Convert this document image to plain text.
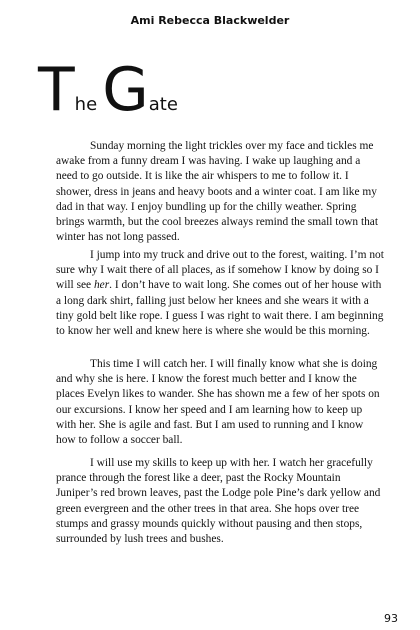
Ami Rebecca Blackwelder
The Gate

Sunday morning the light trickles over my face and tickles me awake from a funny dream I was having. I wake up laughing and a need to go outside. It is like the air whispers to me to follow it. I shower, dress in jeans and heavy boots and a winter coat. I am like my dad in that way. I enjoy bundling up for the chilly weather. Spring brings warmth, but the cool breezes always remind the small town that winter has not long passed.

I jump into my truck and drive out to the forest, waiting. I’m not sure why I wait there of all places, as if somehow I know by doing so I will see her. I don’t have to wait long. She comes out of her house with a long dark shirt, falling just below her knees and she wears it with a tiny gold belt like rope. I guess I was right to wait there. I am beginning to know her well and knew here is where she would be this morning.

This time I will catch her. I will finally know what she is doing and why she is here. I know the forest much better and I know the places Evelyn likes to wander. She has shown me a few of her spots on our excursions. I know her speed and I am learning how to keep up with her. She is agile and fast. But I am used to running and I know how to follow a soccer ball.

I will use my skills to keep up with her. I watch her gracefully prance through the forest like a deer, past the Rocky Mountain Juniper’s red brown leaves, past the Lodge pole Pine’s dark yellow and green evergreen and the other trees in that area. She hops over tree stumps and grassy mounds quickly without pausing and then stops, surrounded by lush trees and bushes.

93
